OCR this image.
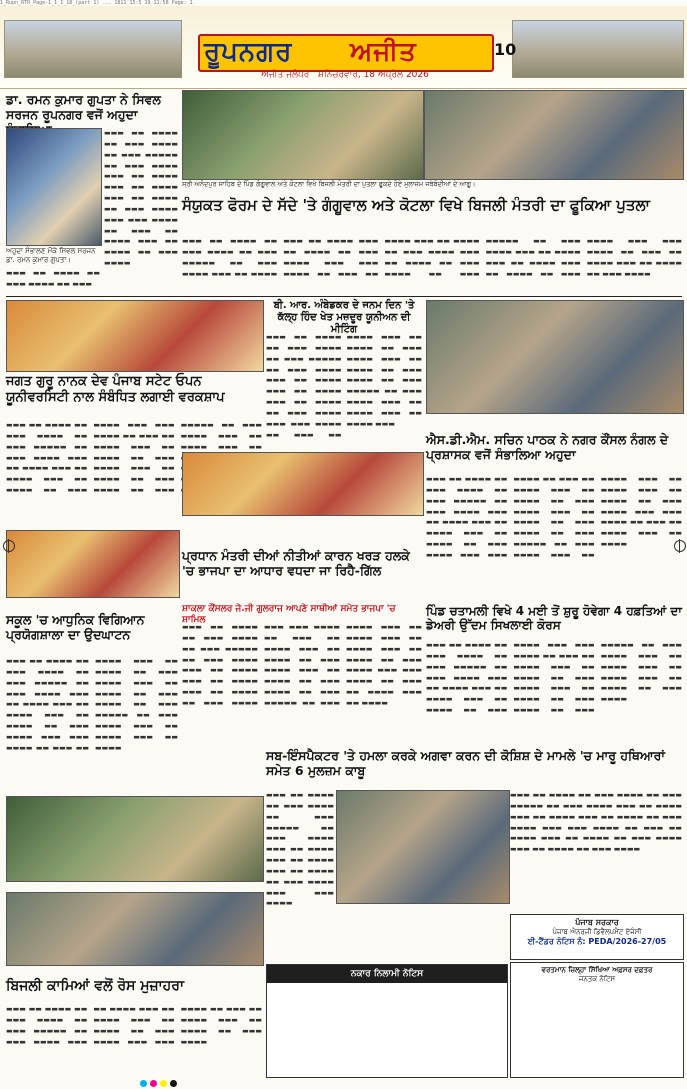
1_Rupn_RTR_Page-1_1_1_18_(part 1) ... 1811 15:5 19 11:58 Page: 1
ਰੂਪਨਗਰ ਅਜੀਤ	10
ਅਜੀਤ ਜਲੰਧਰ ਸ਼ਨਿੱਚਰਵਾਰ, 18 ਅਪ੍ਰੈਲ 2026
ਡਾ. ਰਮਨ ਕੁਮਾਰ ਗੁਪਤਾ ਨੇ ਸਿਵਲ ਸਰਜਨ ਰੂਪਨਗਰ ਵਜੋਂ ਅਹੁਦਾ
▬▬▬ ▬▬ ▬▬▬▬ ▬▬ ▬▬▬ ▬▬▬▬ ▬▬ ▬▬▬ ▬▬▬▬▬ ▬▬ ▬▬▬ ▬▬▬▬ ▬▬▬ ▬▬ ▬▬▬▬ ▬▬▬ ▬▬ ▬▬▬▬ ▬▬▬ ▬▬ ▬▬▬▬ ▬▬ ▬▬▬ ▬▬▬▬ ▬▬▬ ▬▬▬ ▬▬▬▬ ▬▬ ▬▬▬ ▬▬ ▬▬▬▬ ▬▬▬ ▬▬ ▬▬▬▬ ▬▬ ▬▬▬ ▬▬▬▬
ਅਹੁਦਾ ਸੰਭਾਲਣ ਮੌਕੇ ਸਿਵਲ ਸਰਜਨ ਡਾ. ਰਮਨ ਕੁਮਾਰ ਗੁਪਤਾ।
▬▬▬ ▬▬ ▬▬▬▬ ▬▬ ▬▬▬ ▬▬▬▬ ▬▬ ▬▬▬
ਸ੍ਰੀ ਅਨੰਦਪੁਰ ਸਾਹਿਬ ਦੇ ਪਿੰਡ ਗੰਗੂਵਾਲ ਅਤੇ ਕੋਟਲਾ ਵਿਖੇ ਬਿਜਲੀ ਮੰਤਰੀ ਦਾ ਪੁਤਲਾ ਫੂਕਦੇ ਹੋਏ ਮੁਲਾਜ਼ਮ ਜਥੇਬੰਦੀਆਂ ਦੇ ਆਗੂ।
ਸੰਯੁਕਤ ਫੋਰਮ ਦੇ ਸੱਦੇ 'ਤੇ ਗੰਗੂਵਾਲ ਅਤੇ ਕੋਟਲਾ ਵਿਖੇ ਬਿਜਲੀ ਮੰਤਰੀ ਦਾ ਫੂਕਿਆ ਪੁਤਲਾ
▬▬▬ ▬▬ ▬▬▬▬ ▬▬ ▬▬▬ ▬▬▬▬ ▬▬ ▬▬▬ ▬▬▬▬▬ ▬▬ ▬▬▬ ▬▬▬▬ ▬▬▬ ▬▬ ▬▬▬▬ ▬▬▬ ▬▬ ▬▬▬▬ ▬▬▬ ▬▬ ▬▬▬▬ ▬▬ ▬▬▬ ▬▬▬▬ ▬▬▬ ▬▬▬ ▬▬▬▬ ▬▬ ▬▬▬ ▬▬ ▬▬▬▬ ▬▬▬ ▬▬ ▬▬▬▬ ▬▬ ▬▬▬ ▬▬▬▬ ▬▬▬ ▬▬ ▬▬▬▬ ▬▬ ▬▬▬ ▬▬▬▬ ▬▬ ▬▬▬ ▬▬▬▬▬ ▬▬ ▬▬▬ ▬▬▬▬ ▬▬▬ ▬▬ ▬▬▬▬ ▬▬▬ ▬▬ ▬▬▬▬ ▬▬▬ ▬▬ ▬▬▬▬ ▬▬ ▬▬▬ ▬▬▬▬ ▬▬▬ ▬▬▬ ▬▬▬▬ ▬▬ ▬▬▬ ▬▬ ▬▬▬▬ ▬▬▬ ▬▬ ▬▬▬▬ ▬▬ ▬▬▬ ▬▬▬▬
ਜਗਤ ਗੁਰੂ ਨਾਨਕ ਦੇਵ ਪੰਜਾਬ ਸਟੇਟ ਓਪਨ ਯੂਨੀਵਰਸਿਟੀ ਨਾਲ ਸੰਬੰਧਿਤ ਲਗਾਈ ਵਰਕਸ਼ਾਪ
▬▬▬ ▬▬ ▬▬▬▬ ▬▬ ▬▬▬ ▬▬▬▬ ▬▬ ▬▬▬ ▬▬▬▬▬ ▬▬ ▬▬▬ ▬▬▬▬ ▬▬▬ ▬▬ ▬▬▬▬ ▬▬▬ ▬▬ ▬▬▬▬ ▬▬▬ ▬▬ ▬▬▬▬ ▬▬ ▬▬▬ ▬▬▬▬ ▬▬▬ ▬▬▬ ▬▬▬▬ ▬▬ ▬▬▬ ▬▬ ▬▬▬▬ ▬▬▬ ▬▬ ▬▬▬▬ ▬▬ ▬▬▬ ▬▬▬▬ ▬▬▬ ▬▬ ▬▬▬▬ ▬▬ ▬▬▬ ▬▬▬▬ ▬▬ ▬▬▬ ▬▬▬▬▬ ▬▬ ▬▬▬ ▬▬▬▬ ▬▬▬ ▬▬ ▬▬▬▬ ▬▬▬ ▬▬
ਬੀ. ਆਰ. ਅੰਬੇਡਕਰ ਦੇ ਜਨਮ ਦਿਨ 'ਤੇ ਕੱਲ੍ਹ ਹਿੰਦ ਖੇਤ ਮਜ਼ਦੂਰ ਯੂਨੀਅਨ ਦੀ ਮੀਟਿੰਗ
▬▬▬ ▬▬ ▬▬▬▬ ▬▬ ▬▬▬ ▬▬▬▬ ▬▬ ▬▬▬ ▬▬▬▬▬ ▬▬ ▬▬▬ ▬▬▬▬ ▬▬▬ ▬▬ ▬▬▬▬ ▬▬▬ ▬▬ ▬▬▬▬ ▬▬▬ ▬▬ ▬▬▬▬ ▬▬ ▬▬▬ ▬▬▬▬ ▬▬▬ ▬▬▬ ▬▬▬▬ ▬▬ ▬▬▬ ▬▬ ▬▬▬▬ ▬▬▬ ▬▬ ▬▬▬▬ ▬▬ ▬▬▬ ▬▬▬▬ ▬▬▬ ▬▬ ▬▬▬▬ ▬▬ ▬▬▬ ▬▬▬▬ ▬▬ ▬▬▬ ▬▬▬▬▬ ▬▬ ▬▬▬ ▬▬▬▬ ▬▬▬ ▬▬ ▬▬▬▬ ▬▬▬ ▬▬ ▬▬▬▬ ▬▬▬
ਐਸ.ਡੀ.ਐਮ. ਸਚਿਨ ਪਾਠਕ ਨੇ ਨਗਰ ਕੌਂਸਲ ਨੰਗਲ ਦੇ ਪ੍ਰਸ਼ਾਸਕ ਵਜੋਂ ਸੰਭਾਲਿਆ ਅਹੁਦਾ
▬▬▬ ▬▬ ▬▬▬▬ ▬▬ ▬▬▬ ▬▬▬▬ ▬▬ ▬▬▬ ▬▬▬▬▬ ▬▬ ▬▬▬ ▬▬▬▬ ▬▬▬ ▬▬ ▬▬▬▬ ▬▬▬ ▬▬ ▬▬▬▬ ▬▬▬ ▬▬ ▬▬▬▬ ▬▬ ▬▬▬ ▬▬▬▬ ▬▬▬ ▬▬▬ ▬▬▬▬ ▬▬ ▬▬▬ ▬▬ ▬▬▬▬ ▬▬▬ ▬▬ ▬▬▬▬ ▬▬ ▬▬▬ ▬▬▬▬ ▬▬▬ ▬▬ ▬▬▬▬ ▬▬ ▬▬▬ ▬▬▬▬ ▬▬ ▬▬▬ ▬▬▬▬▬ ▬▬ ▬▬▬ ▬▬▬▬ ▬▬▬ ▬▬ ▬▬▬▬ ▬▬▬ ▬▬ ▬▬▬▬ ▬▬▬ ▬▬ ▬▬▬▬ ▬▬ ▬▬▬ ▬▬▬▬ ▬▬▬ ▬▬▬ ▬▬▬▬ ▬▬ ▬▬▬ ▬▬ ▬▬▬▬ ▬▬▬ ▬▬ ▬▬▬▬
ਪ੍ਰਧਾਨ ਮੰਤਰੀ ਦੀਆਂ ਨੀਤੀਆਂ ਕਾਰਨ ਖਰੜ ਹਲਕੇ 'ਚ ਭਾਜਪਾ ਦਾ ਆਧਾਰ ਵਧਦਾ ਜਾ ਰਿਹੈ-ਗਿੱਲ
ਸ਼ਾਕਲਾ ਕੌਂਸਲਰ ਜੇ.ਜੀ ਗੁਲਰਾਜ ਆਪਣੇ ਸਾਥੀਆਂ ਸਮੇਤ ਭਾਜਪਾ 'ਚ ਸ਼ਾਮਿਲ
▬▬▬ ▬▬ ▬▬▬▬ ▬▬ ▬▬▬ ▬▬▬▬ ▬▬ ▬▬▬ ▬▬▬▬▬ ▬▬ ▬▬▬ ▬▬▬▬ ▬▬▬ ▬▬ ▬▬▬▬ ▬▬▬ ▬▬ ▬▬▬▬ ▬▬▬ ▬▬ ▬▬▬▬ ▬▬ ▬▬▬ ▬▬▬▬ ▬▬▬ ▬▬▬ ▬▬▬▬ ▬▬ ▬▬▬ ▬▬ ▬▬▬▬ ▬▬▬ ▬▬ ▬▬▬▬ ▬▬ ▬▬▬ ▬▬▬▬ ▬▬▬ ▬▬ ▬▬▬▬ ▬▬ ▬▬▬ ▬▬▬▬ ▬▬ ▬▬▬ ▬▬▬▬▬ ▬▬ ▬▬▬ ▬▬▬▬ ▬▬▬ ▬▬ ▬▬▬▬ ▬▬▬ ▬▬ ▬▬▬▬ ▬▬▬ ▬▬ ▬▬▬▬ ▬▬ ▬▬▬ ▬▬▬▬ ▬▬▬ ▬▬▬ ▬▬▬▬ ▬▬ ▬▬▬ ▬▬ ▬▬▬▬ ▬▬▬ ▬▬ ▬▬▬▬
ਪਿੰਡ ਚਤਾਮਲੀ ਵਿਖੇ 4 ਮਈ ਤੋਂ ਸ਼ੁਰੂ ਹੋਵੇਗਾ 4 ਹਫ਼ਤਿਆਂ ਦਾ ਡੇਅਰੀ ਉੱਦਮ ਸਿਖਲਾਈ ਕੋਰਸ
▬▬▬ ▬▬ ▬▬▬▬ ▬▬ ▬▬▬ ▬▬▬▬ ▬▬ ▬▬▬ ▬▬▬▬▬ ▬▬ ▬▬▬ ▬▬▬▬ ▬▬▬ ▬▬ ▬▬▬▬ ▬▬▬ ▬▬ ▬▬▬▬ ▬▬▬ ▬▬ ▬▬▬▬ ▬▬ ▬▬▬ ▬▬▬▬ ▬▬▬ ▬▬▬ ▬▬▬▬ ▬▬ ▬▬▬ ▬▬ ▬▬▬▬ ▬▬▬ ▬▬ ▬▬▬▬ ▬▬ ▬▬▬ ▬▬▬▬ ▬▬▬ ▬▬ ▬▬▬▬ ▬▬ ▬▬▬ ▬▬▬▬ ▬▬ ▬▬▬ ▬▬▬▬▬ ▬▬ ▬▬▬ ▬▬▬▬ ▬▬▬ ▬▬ ▬▬▬▬ ▬▬▬ ▬▬ ▬▬▬▬ ▬▬▬ ▬▬ ▬▬▬▬ ▬▬ ▬▬▬ ▬▬▬▬
ਸਕੂਲ 'ਚ ਆਧੁਨਿਕ ਵਿਗਿਆਨ ਪ੍ਰਯੋਗਸ਼ਾਲਾ ਦਾ ਉਦਘਾਟਨ
▬▬▬ ▬▬ ▬▬▬▬ ▬▬ ▬▬▬ ▬▬▬▬ ▬▬ ▬▬▬ ▬▬▬▬▬ ▬▬ ▬▬▬ ▬▬▬▬ ▬▬▬ ▬▬ ▬▬▬▬ ▬▬▬ ▬▬ ▬▬▬▬ ▬▬▬ ▬▬ ▬▬▬▬ ▬▬ ▬▬▬ ▬▬▬▬ ▬▬▬ ▬▬▬ ▬▬▬▬ ▬▬ ▬▬▬ ▬▬ ▬▬▬▬ ▬▬▬ ▬▬ ▬▬▬▬ ▬▬ ▬▬▬ ▬▬▬▬ ▬▬▬ ▬▬ ▬▬▬▬ ▬▬ ▬▬▬ ▬▬▬▬ ▬▬ ▬▬▬ ▬▬▬▬▬ ▬▬ ▬▬▬ ▬▬▬▬ ▬▬▬ ▬▬ ▬▬▬▬ ▬▬▬ ▬▬ ▬▬▬▬
ਸਬ-ਇੰਸਪੈਕਟਰ 'ਤੇ ਹਮਲਾ ਕਰਕੇ ਅਗਵਾ ਕਰਨ ਦੀ ਕੋਸ਼ਿਸ਼ ਦੇ ਮਾਮਲੇ 'ਚ ਮਾਰੂ ਹਥਿਆਰਾਂ ਸਮੇਤ 6 ਮੁਲਜ਼ਮ ਕਾਬੂ
▬▬▬ ▬▬ ▬▬▬▬ ▬▬ ▬▬▬ ▬▬▬▬ ▬▬ ▬▬▬ ▬▬▬▬▬ ▬▬ ▬▬▬ ▬▬▬▬ ▬▬▬ ▬▬ ▬▬▬▬ ▬▬▬ ▬▬ ▬▬▬▬ ▬▬▬ ▬▬ ▬▬▬▬ ▬▬ ▬▬▬ ▬▬▬▬ ▬▬▬ ▬▬▬ ▬▬▬▬
▬▬▬ ▬▬ ▬▬▬▬ ▬▬ ▬▬▬ ▬▬▬▬ ▬▬ ▬▬▬ ▬▬▬▬▬ ▬▬ ▬▬▬ ▬▬▬▬ ▬▬▬ ▬▬ ▬▬▬▬ ▬▬▬ ▬▬ ▬▬▬▬ ▬▬▬ ▬▬ ▬▬▬▬ ▬▬ ▬▬▬ ▬▬▬▬ ▬▬▬ ▬▬▬ ▬▬▬▬ ▬▬ ▬▬▬ ▬▬ ▬▬▬▬ ▬▬▬ ▬▬ ▬▬▬▬ ▬▬ ▬▬▬ ▬▬▬▬ ▬▬▬ ▬▬ ▬▬▬▬ ▬▬ ▬▬▬ ▬▬▬▬
ਬਿਜਲੀ ਕਾਮਿਆਂ ਵਲੋਂ ਰੋਸ ਮੁਜ਼ਾਹਰਾ
▬▬▬ ▬▬ ▬▬▬▬ ▬▬ ▬▬▬ ▬▬▬▬ ▬▬ ▬▬▬ ▬▬▬▬▬ ▬▬ ▬▬▬ ▬▬▬▬ ▬▬▬ ▬▬ ▬▬▬▬ ▬▬▬ ▬▬ ▬▬▬▬ ▬▬▬ ▬▬ ▬▬▬▬ ▬▬ ▬▬▬ ▬▬▬▬ ▬▬▬ ▬▬▬ ▬▬▬▬ ▬▬ ▬▬▬ ▬▬ ▬▬▬▬ ▬▬▬ ▬▬ ▬▬▬▬ ▬▬ ▬▬▬ ▬▬▬▬
ਪੰਜਾਬ ਸਰਕਾਰ
ਪੰਜਾਬ ਐਨਰਜੀ ਡਿਵੈਲਪਮੈਂਟ ਏਜੰਸੀ
ਈ-ਟੈਂਡਰ ਨੋਟਿਸ ਨੰ: PEDA/2026-27/05
ਵਰਤਮਾਨ ਜ਼ਿਲ੍ਹਾ ਸਿੱਖਿਆ ਅਫ਼ਸਰ ਦਫ਼ਤਰ
ਜਨਤਕ ਨੋਟਿਸ
ਨਕਾਰ ਨਿਲਾਮੀ ਨੋਟਿਸ
